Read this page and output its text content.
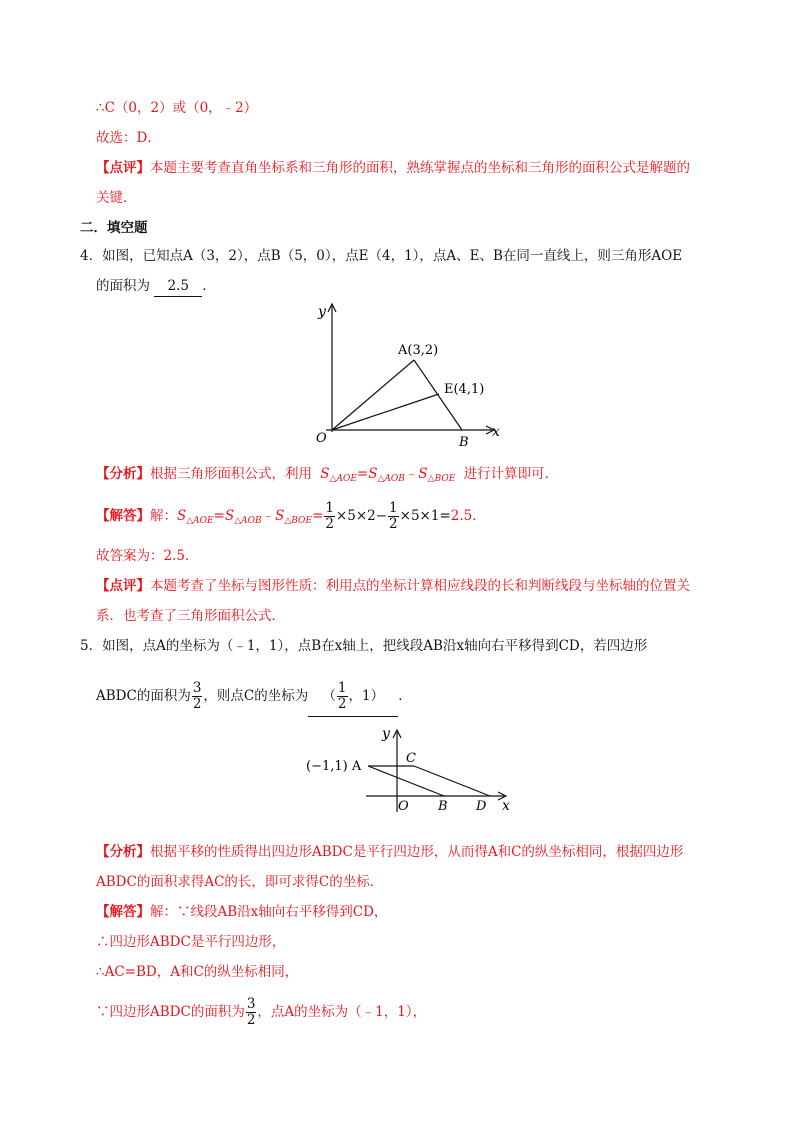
∴C（0，2）或（0，﹣2）
故选：D．
【点评】本题主要考查直角坐标系和三角形的面积，熟练掌握点的坐标和三角形的面积公式是解题的
关键．
二．填空题
4．如图，已知点A（3，2），点B（5，0），点E（4，1），点A、E、B在同一直线上，则三角形AOE
的面积为 2.5 ．
y
x
O
A(3,2)
E(4,1)
B
【分析】根据三角形面积公式，利用 $S_{\triangle AOE}=S_{\triangle AOB}﹣S_{\triangle BOE}$ 进行计算即可．
【解答】解：$S_{\triangle AOE}=S_{\triangle AOB}﹣S_{\triangle BOE}= \frac{1}{2} \times 5\times 2- \frac{1}{2} \times 5\times 1=2.5$．
故答案为：2.5．
【点评】本题考查了坐标与图形性质：利用点的坐标计算相应线段的长和判断线段与坐标轴的位置关
系．也考查了三角形面积公式．
5．如图，点A的坐标为（﹣1，1），点B在x轴上，把线段AB沿x轴向右平移得到CD，若四边形
ABDC的面积为 $\frac{3}{2}$ ，则点C的坐标为 （ $\frac{1}{2}$ ，1） ．
(−1,1) A
y
C
O B D x
【分析】根据平移的性质得出四边形ABDC是平行四边形，从而得A和C的纵坐标相同，根据四边形
ABDC的面积求得AC的长，即可求得C的坐标．
【解答】解：∵线段AB沿x轴向右平移得到CD，
∴四边形ABDC是平行四边形，
∴AC=BD，A和C的纵坐标相同，
∵四边形ABDC的面积为 $\frac{3}{2}$ ，点A的坐标为（﹣1，1），
